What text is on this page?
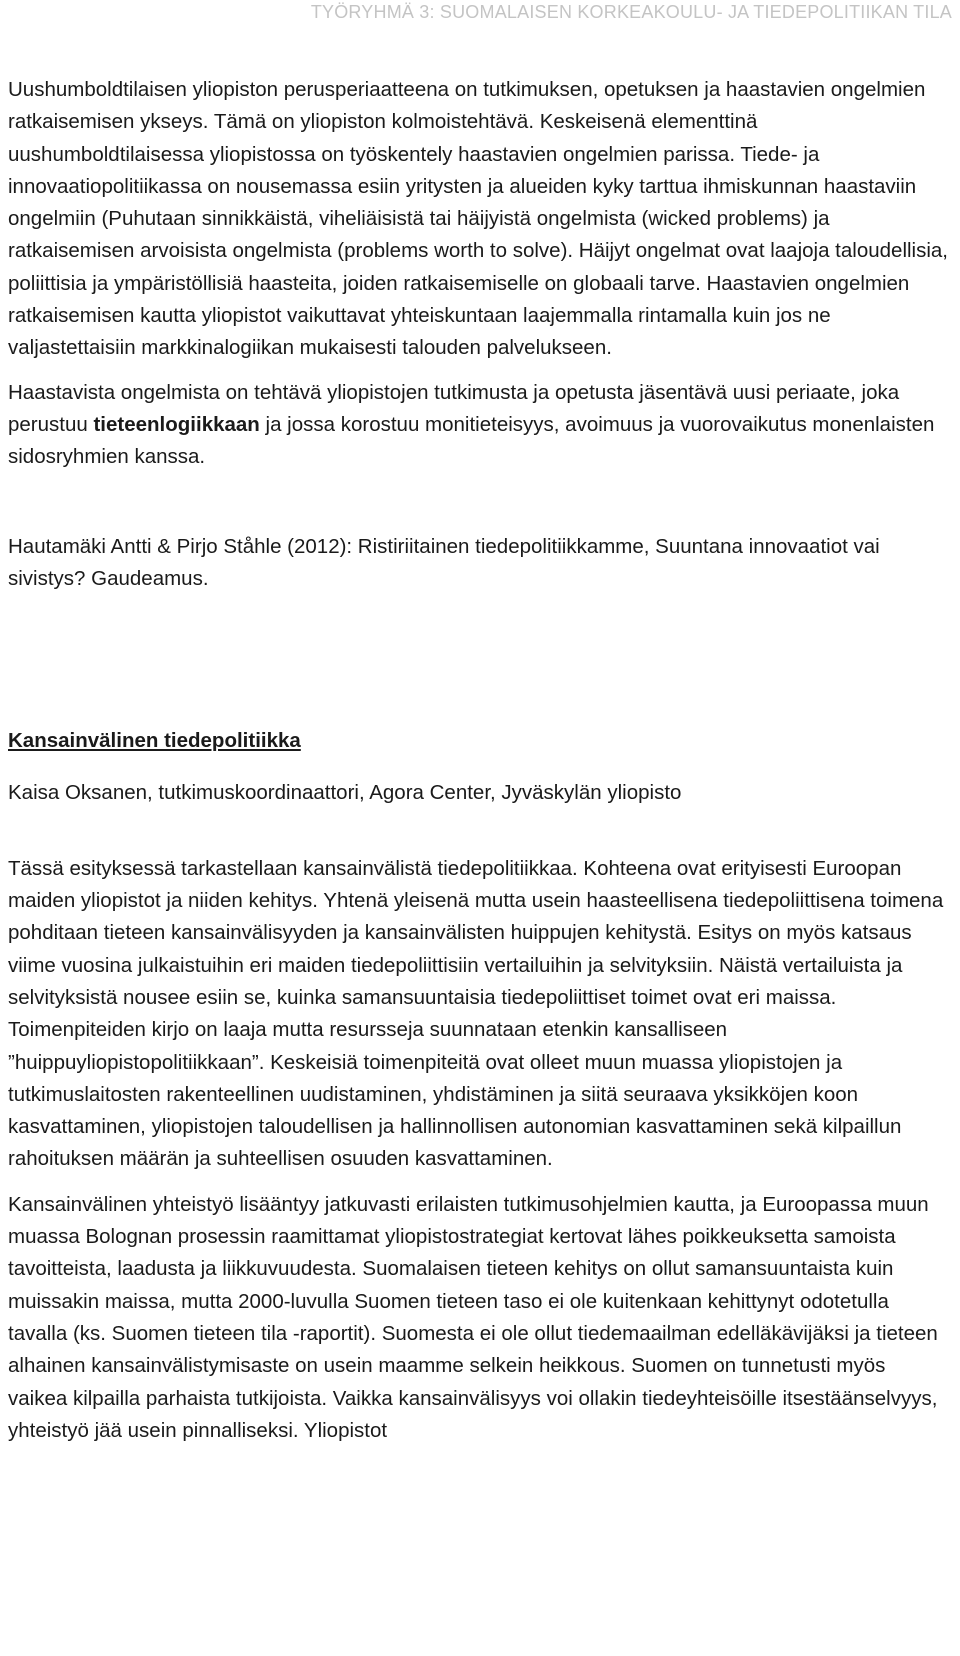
TYÖRYHMÄ 3: SUOMALAISEN KORKEAKOULU- JA TIEDEPOLITIIKAN TILA

Uushumboldtilaisen yliopiston perusperiaatteena on tutkimuksen, opetuksen ja haastavien ongelmien ratkaisemisen ykseys. Tämä on yliopiston kolmoistehtävä. Keskeisenä elementtinä uushumboldtilaisessa yliopistossa on työskentely haastavien ongelmien parissa. Tiede- ja innovaatiopolitiikassa on nousemassa esiin yritysten ja alueiden kyky tarttua ihmiskunnan haastaviin ongelmiin (Puhutaan sinnikkäistä, viheliäisistä tai häijyistä ongelmista (wicked problems) ja ratkaisemisen arvoisista ongelmista (problems worth to solve). Häijyt ongelmat ovat laajoja taloudellisia, poliittisia ja ympäristöllisiä haasteita, joiden ratkaisemiselle on globaali tarve. Haastavien ongelmien ratkaisemisen kautta yliopistot vaikuttavat yhteiskuntaan laajemmalla rintamalla kuin jos ne valjastettaisiin markkinalogiikan mukaisesti talouden palvelukseen.

Haastavista ongelmista on tehtävä yliopistojen tutkimusta ja opetusta jäsentävä uusi periaate, joka perustuu tieteenlogiikkaan ja jossa korostuu monitieteisyys, avoimuus ja vuorovaikutus monenlaisten sidosryhmien kanssa.

Hautamäki Antti & Pirjo Ståhle (2012): Ristiriitainen tiedepolitiikkamme, Suuntana innovaatiot vai sivistys? Gaudeamus.

Kansainvälinen tiedepolitiikka

Kaisa Oksanen, tutkimuskoordinaattori, Agora Center, Jyväskylän yliopisto

Tässä esityksessä tarkastellaan kansainvälistä tiedepolitiikkaa. Kohteena ovat erityisesti Euroopan maiden yliopistot ja niiden kehitys. Yhtenä yleisenä mutta usein haasteellisena tiedepoliittisena toimena pohditaan tieteen kansainvälisyyden ja kansainvälisten huippujen kehitystä. Esitys on myös katsaus viime vuosina julkaistuihin eri maiden tiedepoliittisiin vertailuihin ja selvityksiin. Näistä vertailuista ja selvityksistä nousee esiin se, kuinka samansuuntaisia tiedepoliittiset toimet ovat eri maissa. Toimenpiteiden kirjo on laaja mutta resursseja suunnataan etenkin kansalliseen ”huippuyliopistopolitiikkaan”. Keskeisiä toimenpiteitä ovat olleet muun muassa yliopistojen ja tutkimuslaitosten rakenteellinen uudistaminen, yhdistäminen ja siitä seuraava yksikköjen koon kasvattaminen, yliopistojen taloudellisen ja hallinnollisen autonomian kasvattaminen sekä kilpaillun rahoituksen määrän ja suhteellisen osuuden kasvattaminen.

Kansainvälinen yhteistyö lisääntyy jatkuvasti erilaisten tutkimusohjelmien kautta, ja Euroopassa muun muassa Bolognan prosessin raamittamat yliopistostrategiat kertovat lähes poikkeuksetta samoista tavoitteista, laadusta ja liikkuvuudesta. Suomalaisen tieteen kehitys on ollut samansuuntaista kuin muissakin maissa, mutta 2000-luvulla Suomen tieteen taso ei ole kuitenkaan kehittynyt odotetulla tavalla (ks. Suomen tieteen tila -raportit). Suomesta ei ole ollut tiedemaailman edelläkävijäksi ja tieteen alhainen kansainvälistymisaste on usein maamme selkein heikkous. Suomen on tunnetusti myös vaikea kilpailla parhaista tutkijoista. Vaikka kansainvälisyys voi ollakin tiedeyhteisöille itsestäänselvyys, yhteistyö jää usein pinnalliseksi. Yliopistot
